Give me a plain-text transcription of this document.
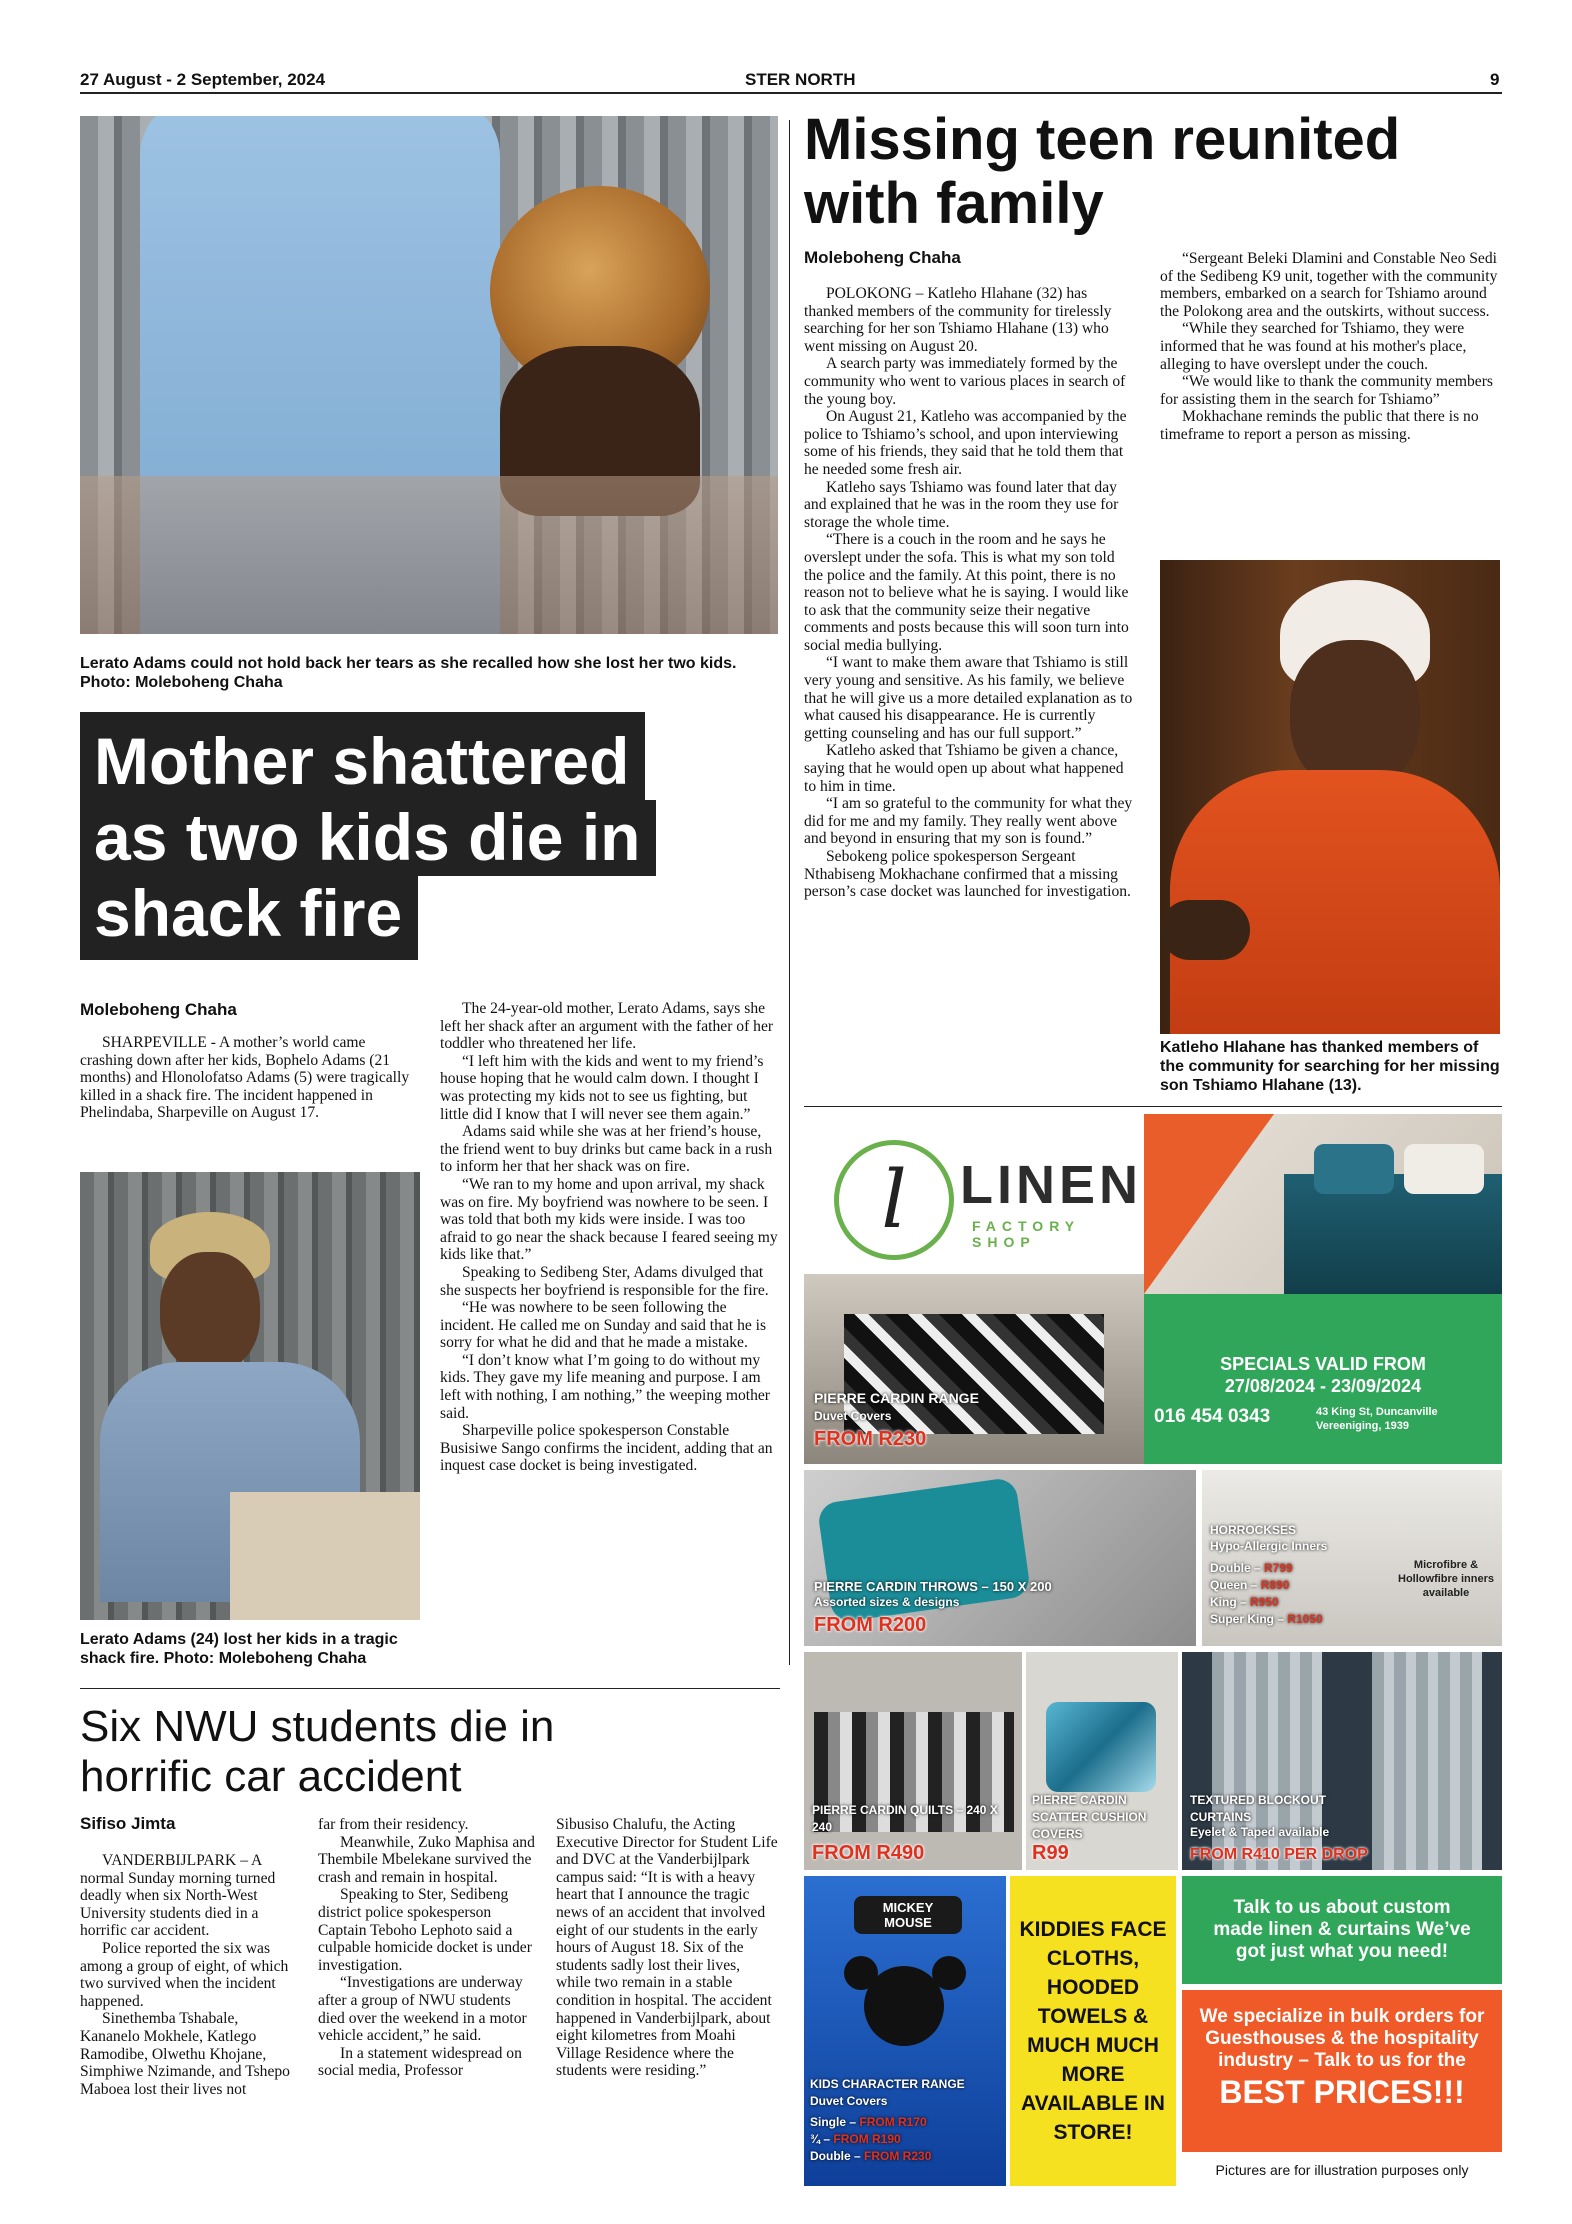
27 August - 2 September, 2024	STER NORTH	9
Lerato Adams could not hold back her tears as she recalled how she lost her two kids. Photo: Moleboheng Chaha
Mother shattered
as two kids die in
shack fire
Moleboheng Chaha

SHARPEVILLE - A mother’s world came crashing down after her kids, Bophelo Adams (21 months) and Hlonolofatso Adams (5) were tragically killed in a shack fire. The incident happened in Phelindaba, Sharpeville on August 17.

Lerato Adams (24) lost her kids in a tragic shack fire. Photo: Moleboheng Chaha

The 24-year-old mother, Lerato Adams, says she left her shack after an argument with the father of her toddler who threatened her life.

“I left him with the kids and went to my friend’s house hoping that he would calm down. I thought I was protecting my kids not to see us fighting, but little did I know that I will never see them again.”

Adams said while she was at her friend’s house, the friend went to buy drinks but came back in a rush to inform her that her shack was on fire.

“We ran to my home and upon arrival, my shack was on fire. My boyfriend was nowhere to be seen. I was told that both my kids were inside. I was too afraid to go near the shack because I feared seeing my kids like that.”

Speaking to Sedibeng Ster, Adams divulged that she suspects her boyfriend is responsible for the fire.

“He was nowhere to be seen following the incident. He called me on Sunday and said that he is sorry for what he did and that he made a mistake.

“I don’t know what I’m going to do without my kids. They gave my life meaning and purpose. I am left with nothing, I am nothing,” the weeping mother said.

Sharpeville police spokesperson Constable Busisiwe Sango confirms the incident, adding that an inquest case docket is being investigated.

Six NWU students die in
horrific car accident
Sifiso Jimta

VANDERBIJLPARK – A normal Sunday morning turned deadly when six North-West University students died in a horrific car accident.

Police reported the six was among a group of eight, of which two survived when the incident happened.

Sinethemba Tshabale, Kananelo Mokhele, Katlego Ramodibe, Olwethu Khojane, Simphiwe Nzimande, and Tshepo Maboea lost their lives not

far from their residency.

Meanwhile, Zuko Maphisa and Thembile Mbelekane survived the crash and remain in hospital.

Speaking to Ster, Sedibeng district police spokesperson Captain Teboho Lephoto said a culpable homicide docket is under investigation.

“Investigations are underway after a group of NWU students died over the weekend in a motor vehicle accident,” he said.

In a statement widespread on social media, Professor

Sibusiso Chalufu, the Acting Executive Director for Student Life and DVC at the Vanderbijlpark campus said: “It is with a heavy heart that I announce the tragic news of an accident that involved eight of our students in the early hours of August 18. Six of the students sadly lost their lives, while two remain in a stable condition in hospital. The accident happened in Vanderbijlpark, about eight kilometres from Moahi Village Residence where the students were residing.”

Missing teen reunited
with family
Moleboheng Chaha

POLOKONG – Katleho Hlahane (32) has thanked members of the community for tirelessly searching for her son Tshiamo Hlahane (13) who went missing on August 20.

A search party was immediately formed by the community who went to various places in search of the young boy.

On August 21, Katleho was accompanied by the police to Tshiamo’s school, and upon interviewing some of his friends, they said that he told them that he needed some fresh air.

Katleho says Tshiamo was found later that day and explained that he was in the room they use for storage the whole time.

“There is a couch in the room and he says he overslept under the sofa. This is what my son told the police and the family. At this point, there is no reason not to believe what he is saying. I would like to ask that the community seize their negative comments and posts because this will soon turn into social media bullying.

“I want to make them aware that Tshiamo is still very young and sensitive. As his family, we believe that he will give us a more detailed explanation as to what caused his disappearance. He is currently getting counseling and has our full support.”

Katleho asked that Tshiamo be given a chance, saying that he would open up about what happened to him in time.

“I am so grateful to the community for what they did for me and my family. They really went above and beyond in ensuring that my son is found.”

Sebokeng police spokesperson Sergeant Nthabiseng Mokhachane confirmed that a missing person’s case docket was launched for investigation.

“Sergeant Beleki Dlamini and Constable Neo Sedi of the Sedibeng K9 unit, together with the community members, embarked on a search for Tshiamo around the Polokong area and the outskirts, without success.

“While they searched for Tshiamo, they were informed that he was found at his mother's place, alleging to have overslept under the couch.

“We would like to thank the community members for assisting them in the search for Tshiamo”

Mokhachane reminds the public that there is no timeframe to report a person as missing.

Katleho Hlahane has thanked members of the community for searching for her missing son Tshiamo Hlahane (13).
l LINEN
FACTORY SHOP
PIERRE CARDIN RANGE
Duvet Covers
FROM R230
SPECIALS VALID FROM
27/08/2024 - 23/09/2024
016 454 0343	43 King St, Duncanville
Vereeniging, 1939
PIERRE CARDIN THROWS – 150 X 200
Assorted sizes & designs
FROM R200
HORROCKSES
Hypo-Allergic Inners
Double – R799
Queen – R890
King – R950
Super King – R1050
Microfibre & Hollowfibre inners available
PIERRE CARDIN QUILTS – 240 X 240
FROM R490
PIERRE CARDIN SCATTER CUSHION COVERS
R99
TEXTURED BLOCKOUT CURTAINS
Eyelet & Taped available
FROM R410 PER DROP
MICKEY MOUSE
KIDS CHARACTER RANGE Duvet Covers
Single – FROM R170
¾ – FROM R190
Double – FROM R230
KIDDIES FACE CLOTHS, HOODED TOWELS & MUCH MUCH MORE AVAILABLE IN STORE!
Talk to us about custom made linen & curtains We’ve got just what you need!
We specialize in bulk orders for Guesthouses & the hospitality industry – Talk to us for the
BEST PRICES!!!
Pictures are for illustration purposes only
